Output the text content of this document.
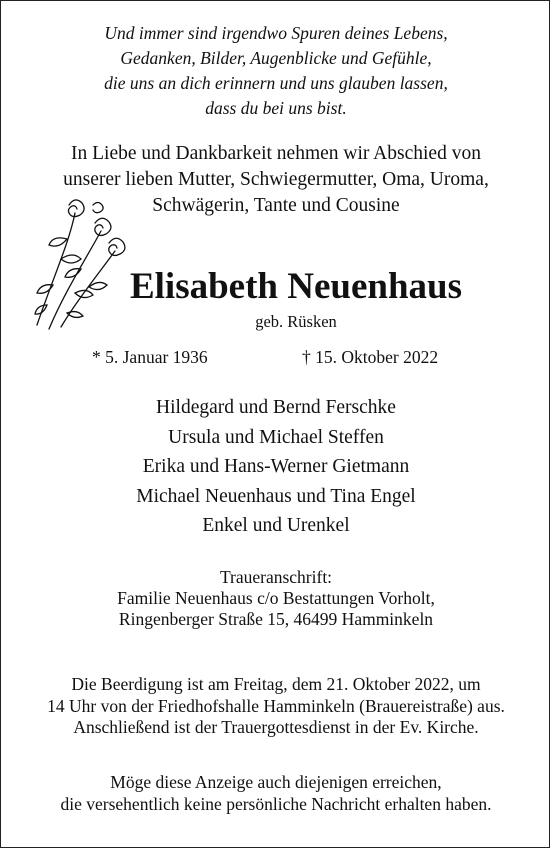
Und immer sind irgendwo Spuren deines Lebens,
Gedanken, Bilder, Augenblicke und Gefühle,
die uns an dich erinnern und uns glauben lassen,
dass du bei uns bist.
In Liebe und Dankbarkeit nehmen wir Abschied von
unserer lieben Mutter, Schwiegermutter, Oma, Uroma,
Schwägerin, Tante und Cousine
Elisabeth Neuenhaus
geb. Rüsken
* 5. Januar 1936	† 15. Oktober 2022
Hildegard und Bernd Ferschke
Ursula und Michael Steffen
Erika und Hans-Werner Gietmann
Michael Neuenhaus und Tina Engel
Enkel und Urenkel
Traueranschrift:
Familie Neuenhaus c/o Bestattungen Vorholt,
Ringenberger Straße 15, 46499 Hamminkeln
Die Beerdigung ist am Freitag, dem 21. Oktober 2022, um
14 Uhr von der Friedhofshalle Hamminkeln (Brauereistraße) aus.
Anschließend ist der Trauergottesdienst in der Ev. Kirche.
Möge diese Anzeige auch diejenigen erreichen,
die versehentlich keine persönliche Nachricht erhalten haben.
